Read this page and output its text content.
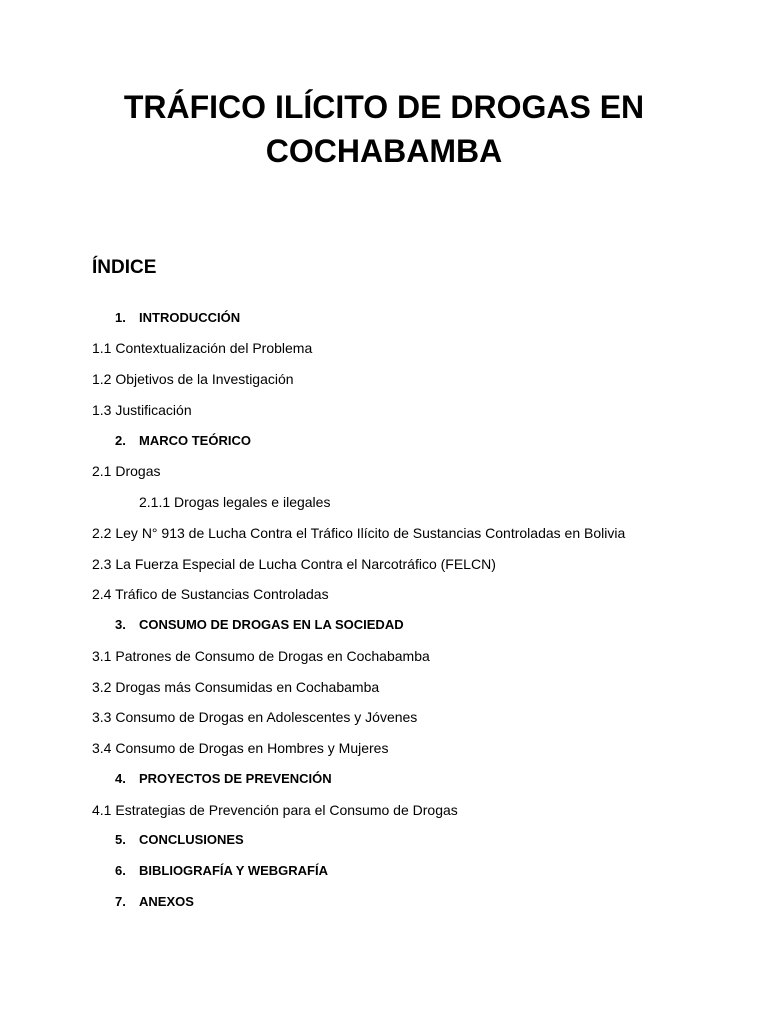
TRÁFICO ILÍCITO DE DROGAS EN
COCHABAMBA
ÍNDICE
1. INTRODUCCIÓN
1.1 Contextualización del Problema
1.2 Objetivos de la Investigación
1.3 Justificación
2. MARCO TEÓRICO
2.1 Drogas
2.1.1 Drogas legales e ilegales
2.2 Ley N° 913 de Lucha Contra el Tráfico Ilícito de Sustancias Controladas en Bolivia
2.3 La Fuerza Especial de Lucha Contra el Narcotráfico (FELCN)
2.4 Tráfico de Sustancias Controladas
3. CONSUMO DE DROGAS EN LA SOCIEDAD
3.1 Patrones de Consumo de Drogas en Cochabamba
3.2 Drogas más Consumidas en Cochabamba
3.3 Consumo de Drogas en Adolescentes y Jóvenes
3.4 Consumo de Drogas en Hombres y Mujeres
4. PROYECTOS DE PREVENCIÓN
4.1 Estrategias de Prevención para el Consumo de Drogas
5. CONCLUSIONES
6. BIBLIOGRAFÍA Y WEBGRAFÍA
7. ANEXOS
